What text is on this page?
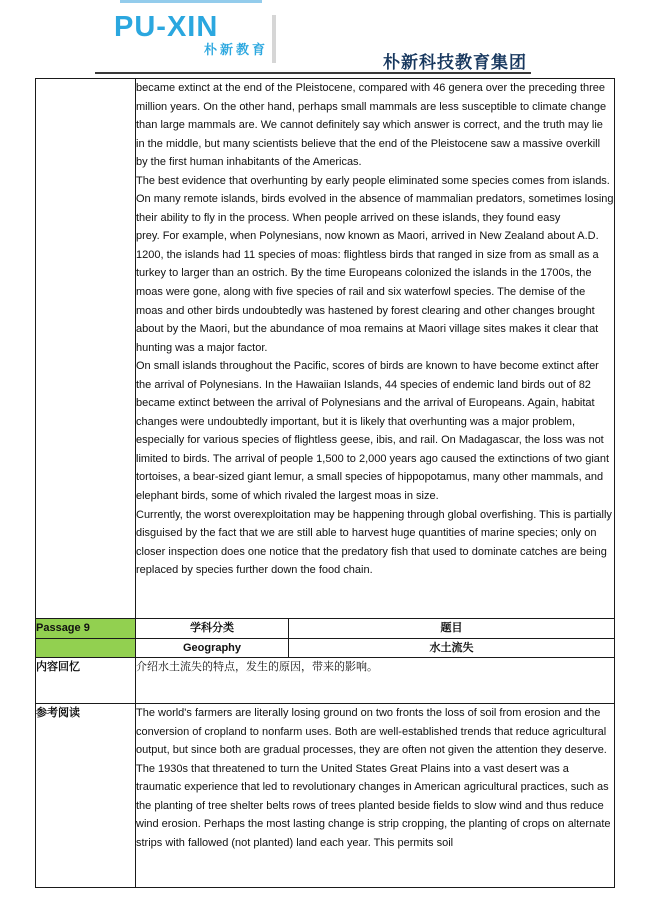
PU-XIN
朴新教育
朴新科技教育集团

	became extinct at the end of the Pleistocene, compared with 46 genera over the preceding three million years. On the other hand, perhaps small mammals are less susceptible to climate change than large mammals are. We cannot definitely say which answer is correct, and the truth may lie in the middle, but many scientists believe that the end of the Pleistocene saw a massive overkill by the first human inhabitants of the Americas.

The best evidence that overhunting by early people eliminated some species comes from islands. On many remote islands, birds evolved in the absence of mammalian predators, sometimes losing their ability to fly in the process. When people arrived on these islands, they found easy

prey. For example, when Polynesians, now known as Maori, arrived in New Zealand about A.D. 1200, the islands had 11 species of moas: flightless birds that ranged in size from as small as a turkey to larger than an ostrich. By the time Europeans colonized the islands in the 1700s, the moas were gone, along with five species of rail and six waterfowl species. The demise of the moas and other birds undoubtedly was hastened by forest clearing and other changes brought about by the Maori, but the abundance of moa remains at Maori village sites makes it clear that hunting was a major factor.

On small islands throughout the Pacific, scores of birds are known to have become extinct after the arrival of Polynesians. In the Hawaiian Islands, 44 species of endemic land birds out of 82 became extinct between the arrival of Polynesians and the arrival of Europeans. Again, habitat changes were undoubtedly important, but it is likely that overhunting was a major problem, especially for various species of flightless geese, ibis, and rail. On Madagascar, the loss was not limited to birds. The arrival of people 1,500 to 2,000 years ago caused the extinctions of two giant tortoises, a bear-sized giant lemur, a small species of hippopotamus, many other mammals, and elephant birds, some of which rivaled the largest moas in size.

Currently, the worst overexploitation may be happening through global overfishing. This is partially disguised by the fact that we are still able to harvest huge quantities of marine species; only on closer inspection does one notice that the predatory fish that used to dominate catches are being replaced by species further down the food chain.	

Passage 9	学科分类	题目
	Geography	水土流失
内容回忆	介绍水土流失的特点，发生的原因，带来的影响。	

参考阅读	The world's farmers are literally losing ground on two fronts the loss of soil from erosion and the conversion of cropland to nonfarm uses. Both are well-established trends that reduce agricultural output, but since both are gradual processes, they are often not given the attention they deserve.

The 1930s that threatened to turn the United States Great Plains into a vast desert was a traumatic experience that led to revolutionary changes in American agricultural practices, such as the planting of tree shelter belts rows of trees planted beside fields to slow wind and thus reduce wind erosion. Perhaps the most lasting change is strip cropping, the planting of crops on alternate strips with fallowed (not planted) land each year. This permits soil	
